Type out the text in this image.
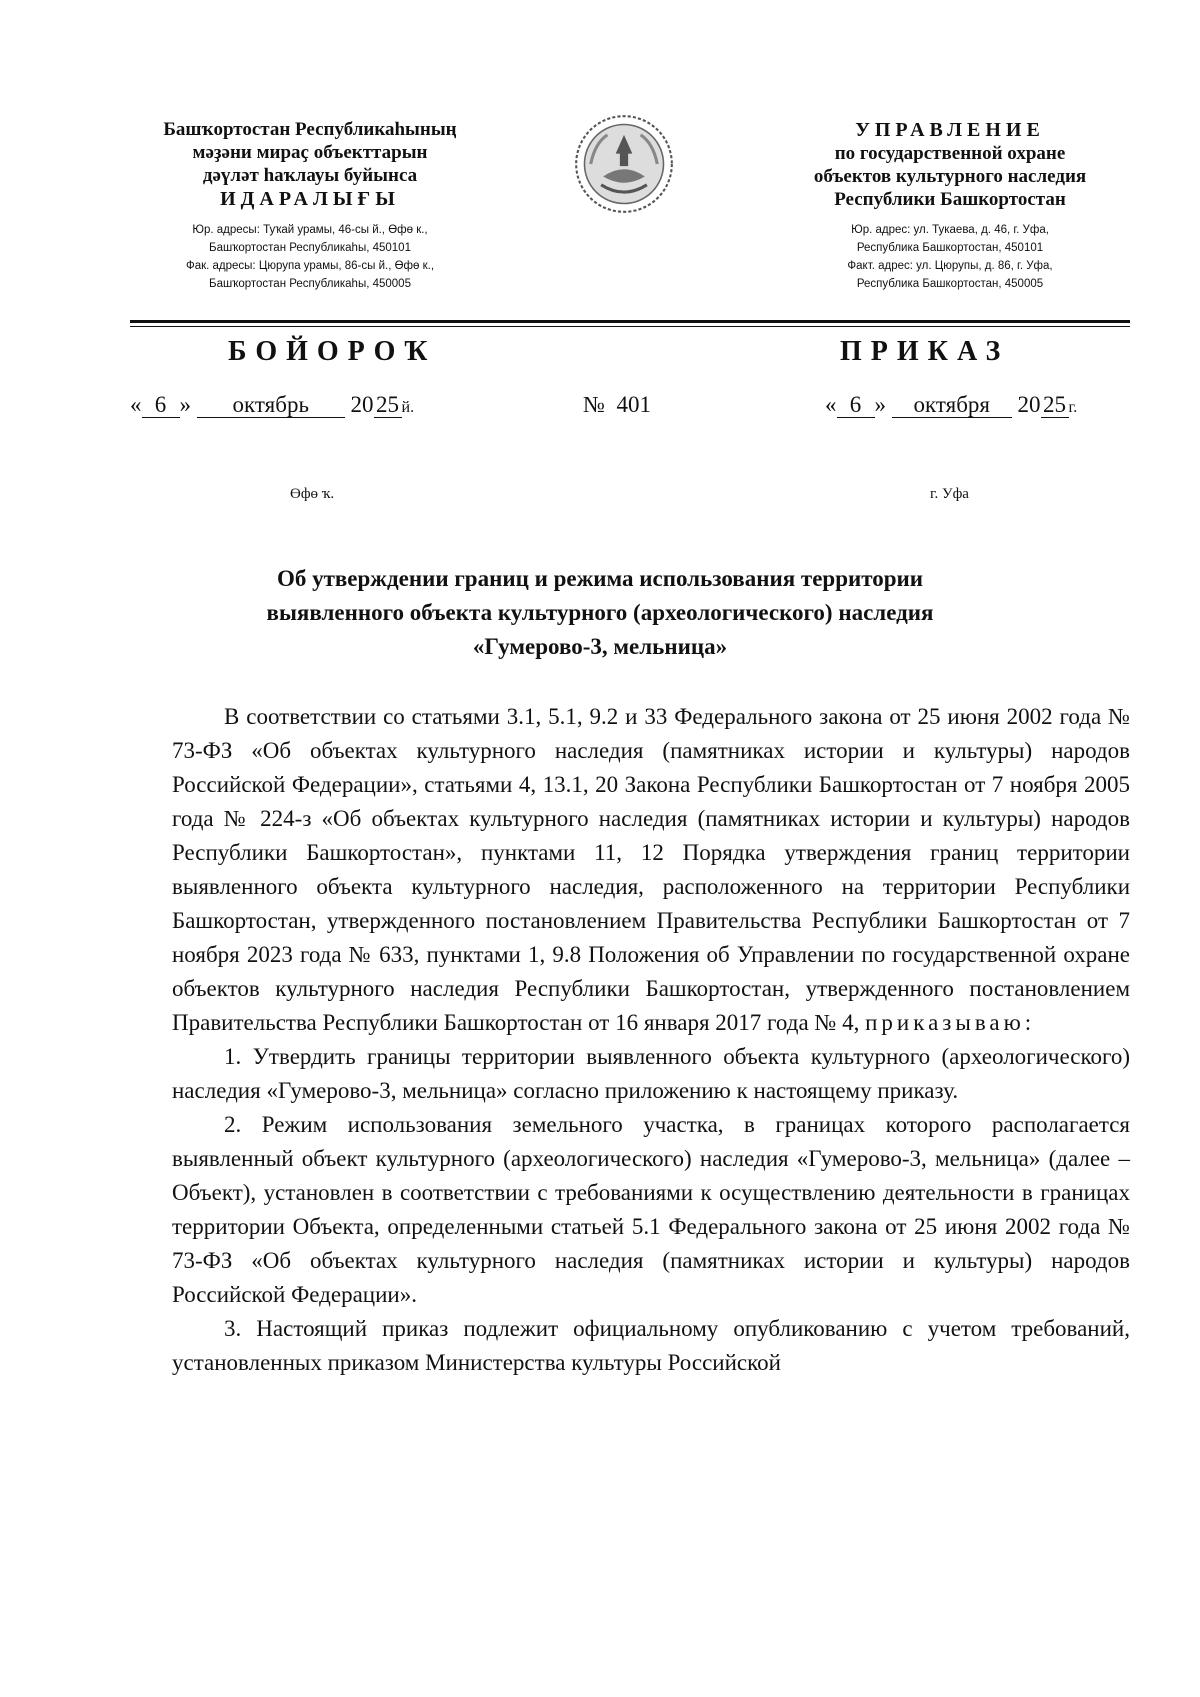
Башҡортостан Республикаһының
мәҙәни мираҫ объекттарын
дәүләт һаҡлауы буйынса
ИДАРАЛЫҒЫ
Юр. адресы: Туҡай урамы, 46-сы й., Өфө к.,
Башҡортостан Республикаһы, 450101
Фак. адресы: Цюрупа урамы, 86-сы й., Өфө к.,
Башҡортостан Республикаһы, 450005
УПРАВЛЕНИЕ
по государственной охране
объектов культурного наследия
Республики Башкортостан
Юр. адрес: ул. Тукаева, д. 46, г. Уфа,
Республика Башкортостан, 450101
Факт. адрес: ул. Цюрупы, д. 86, г. Уфа,
Республика Башкортостан, 450005
БОЙОРОҠ	ПРИКАЗ
« 6 » октябрь 20 25 й.	№ 401	« 6 » октября 20 25 г.
Өфө ҡ.	г. Уфа
Об утверждении границ и режима использования территории
выявленного объекта культурного (археологического) наследия
«Гумерово-3, мельница»

В соответствии со статьями 3.1, 5.1, 9.2 и 33 Федерального закона от 25 июня 2002 года № 73-ФЗ «Об объектах культурного наследия (памятниках истории и культуры) народов Российской Федерации», статьями 4, 13.1, 20 Закона Республики Башкортостан от 7 ноября 2005 года № 224-з «Об объектах культурного наследия (памятниках истории и культуры) народов Республики Башкортостан», пунктами 11, 12 Порядка утверждения границ территории выявленного объекта культурного наследия, расположенного на территории Республики Башкортостан, утвержденного постановлением Правительства Республики Башкортостан от 7 ноября 2023 года № 633, пунктами 1, 9.8 Положения об Управлении по государственной охране объектов культурного наследия Республики Башкортостан, утвержденного постановлением Правительства Республики Башкортостан от 16 января 2017 года № 4, приказываю:

1. Утвердить границы территории выявленного объекта культурного (археологического) наследия «Гумерово-3, мельница» согласно приложению к настоящему приказу.

2. Режим использования земельного участка, в границах которого располагается выявленный объект культурного (археологического) наследия «Гумерово-3, мельница» (далее – Объект), установлен в соответствии с требованиями к осуществлению деятельности в границах территории Объекта, определенными статьей 5.1 Федерального закона от 25 июня 2002 года № 73-ФЗ «Об объектах культурного наследия (памятниках истории и культуры) народов Российской Федерации».

3. Настоящий приказ подлежит официальному опубликованию с учетом требований, установленных приказом Министерства культуры Российской
